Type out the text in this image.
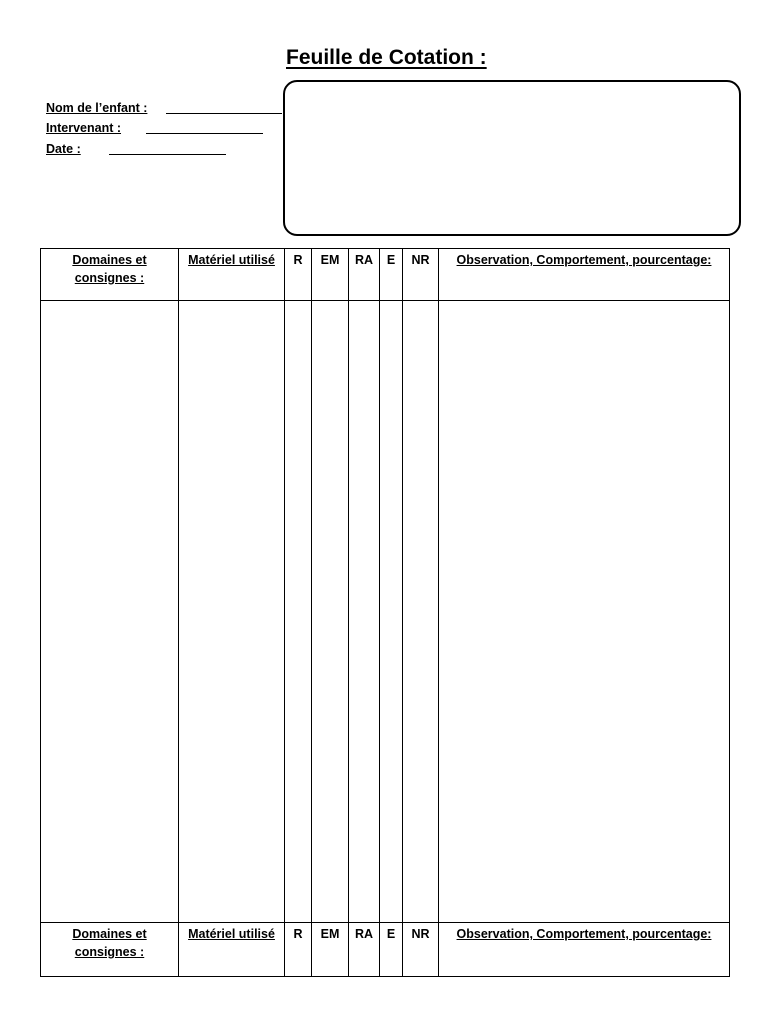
Feuille de Cotation :
Nom de l’enfant :
Intervenant :
Date :
Domaines et consignes :	Matériel utilisé	R	EM	RA	E	NR	Observation, Comportement, pourcentage:

Domaines et consignes :	Matériel utilisé	R	EM	RA	E	NR	Observation, Comportement, pourcentage:
